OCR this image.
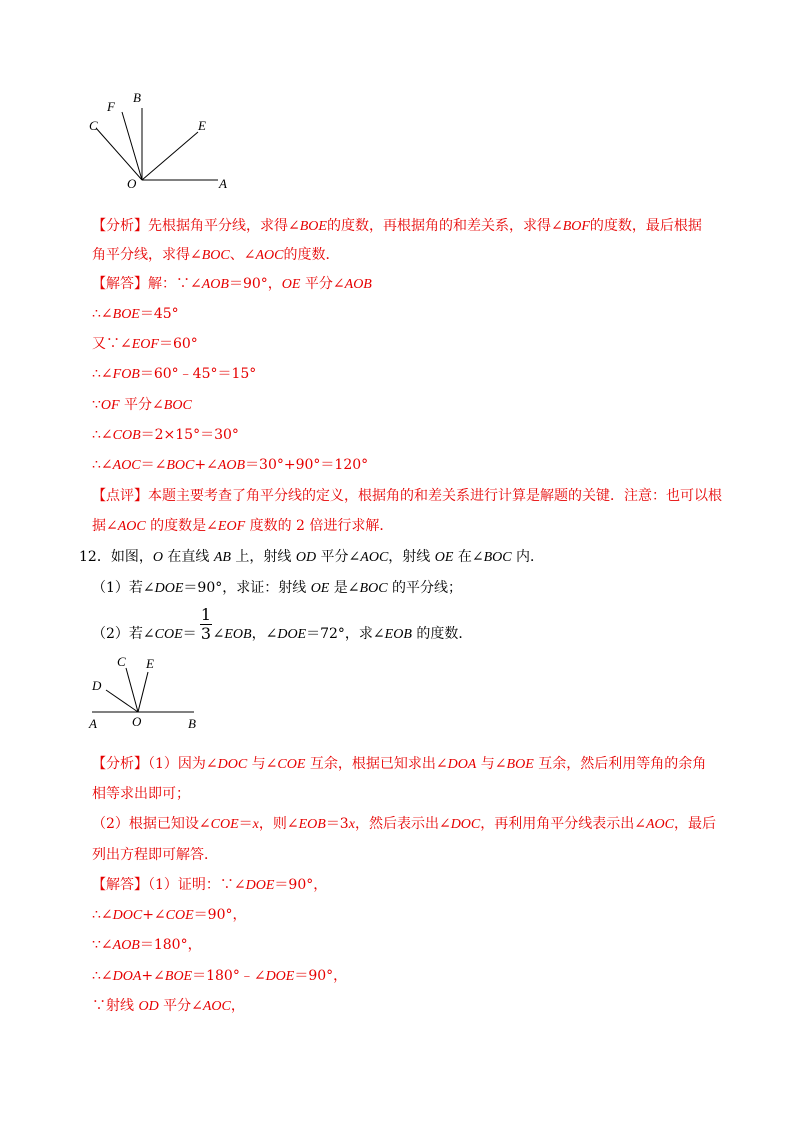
C
F
B
E
O	A
【分析】先根据角平分线，求得∠BOE的度数，再根据角的和差关系，求得∠BOF的度数，最后根据
角平分线，求得∠BOC、∠AOC的度数．
【解答】解：∵∠AOB＝90°，OE 平分∠AOB
∴∠BOE＝45°
又∵∠EOF＝60°
∴∠FOB＝60°﹣45°＝15°
∵OF 平分∠BOC
∴∠COB＝2×15°＝30°
∴∠AOC＝∠BOC+∠AOB＝30°+90°＝120°
【点评】本题主要考查了角平分线的定义，根据角的和差关系进行计算是解题的关键．注意：也可以根
据∠AOC 的度数是∠EOF 度数的 2 倍进行求解．
12．如图，O 在直线 AB 上，射线 OD 平分∠AOC，射线 OE 在∠BOC 内．
（1）若∠DOE＝90°，求证：射线 OE 是∠BOC 的平分线；
（2）若∠COE＝ ∠EOB，∠DOE＝72°，求∠EOB 的度数．
1
3
C E
D
A	O	B
【分析】（1）因为∠DOC 与∠COE 互余，根据已知求出∠DOA 与∠BOE 互余，然后利用等角的余角
相等求出即可；
（2）根据已知设∠COE＝x，则∠EOB＝3x，然后表示出∠DOC，再利用角平分线表示出∠AOC，最后
列出方程即可解答．
【解答】（1）证明：∵∠DOE＝90°，
∴∠DOC+∠COE＝90°，
∵∠AOB＝180°，
∴∠DOA+∠BOE＝180°﹣∠DOE＝90°，
∵射线 OD 平分∠AOC，
